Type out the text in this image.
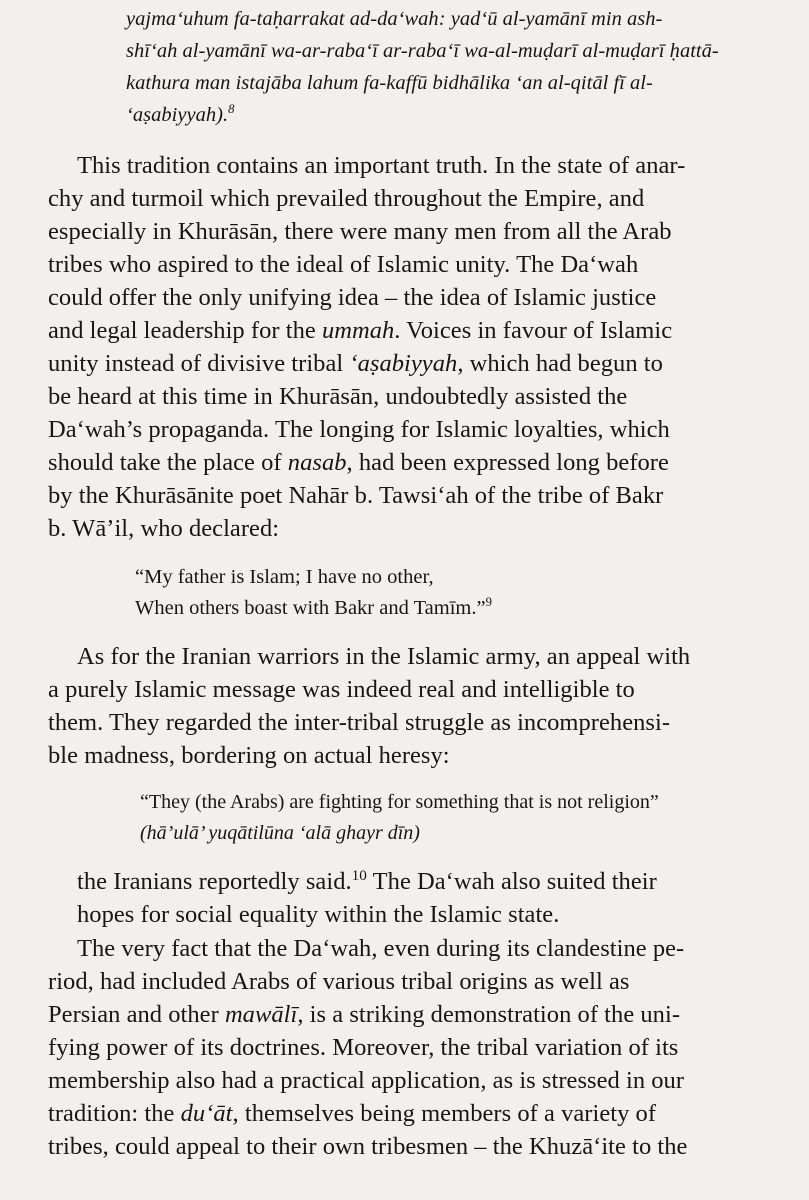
yajma‘uhum fa-taḥarrakat ad-da‘wah: yad‘ū al-yamānī min ash-
shī‘ah al-yamānī wa-ar-raba‘ī ar-raba‘ī wa-al-muḍarī al-muḍarī ḥattā-
kathura man istajāba lahum fa-kaffū bidhālika ‘an al-qitāl fī al-
‘aṣabiyyah).$^8$
This tradition contains an important truth. In the state of anar-
chy and turmoil which prevailed throughout the Empire, and
especially in Khurāsān, there were many men from all the Arab
tribes who aspired to the ideal of Islamic unity. The Da‘wah
could offer the only unifying idea – the idea of Islamic justice
and legal leadership for the ummah. Voices in favour of Islamic
unity instead of divisive tribal ‘aṣabiyyah, which had begun to
be heard at this time in Khurāsān, undoubtedly assisted the
Da‘wah’s propaganda. The longing for Islamic loyalties, which
should take the place of nasab, had been expressed long before
by the Khurāsānite poet Nahār b. Tawsi‘ah of the tribe of Bakr
b. Wā’il, who declared:
“My father is Islam; I have no other,
When others boast with Bakr and Tamīm.”$^9$
As for the Iranian warriors in the Islamic army, an appeal with
a purely Islamic message was indeed real and intelligible to
them. They regarded the inter-tribal struggle as incomprehensi-
ble madness, bordering on actual heresy:
“They (the Arabs) are fighting for something that is not religion”
(hā’ulā’ yuqātilūna ‘alā ghayr dīn)
the Iranians reportedly said.$^{10}$ The Da‘wah also suited their
hopes for social equality within the Islamic state.
The very fact that the Da‘wah, even during its clandestine pe-
riod, had included Arabs of various tribal origins as well as
Persian and other mawālī, is a striking demonstration of the uni-
fying power of its doctrines. Moreover, the tribal variation of its
membership also had a practical application, as is stressed in our
tradition: the du‘āt, themselves being members of a variety of
tribes, could appeal to their own tribesmen – the Khuzā‘ite to the
